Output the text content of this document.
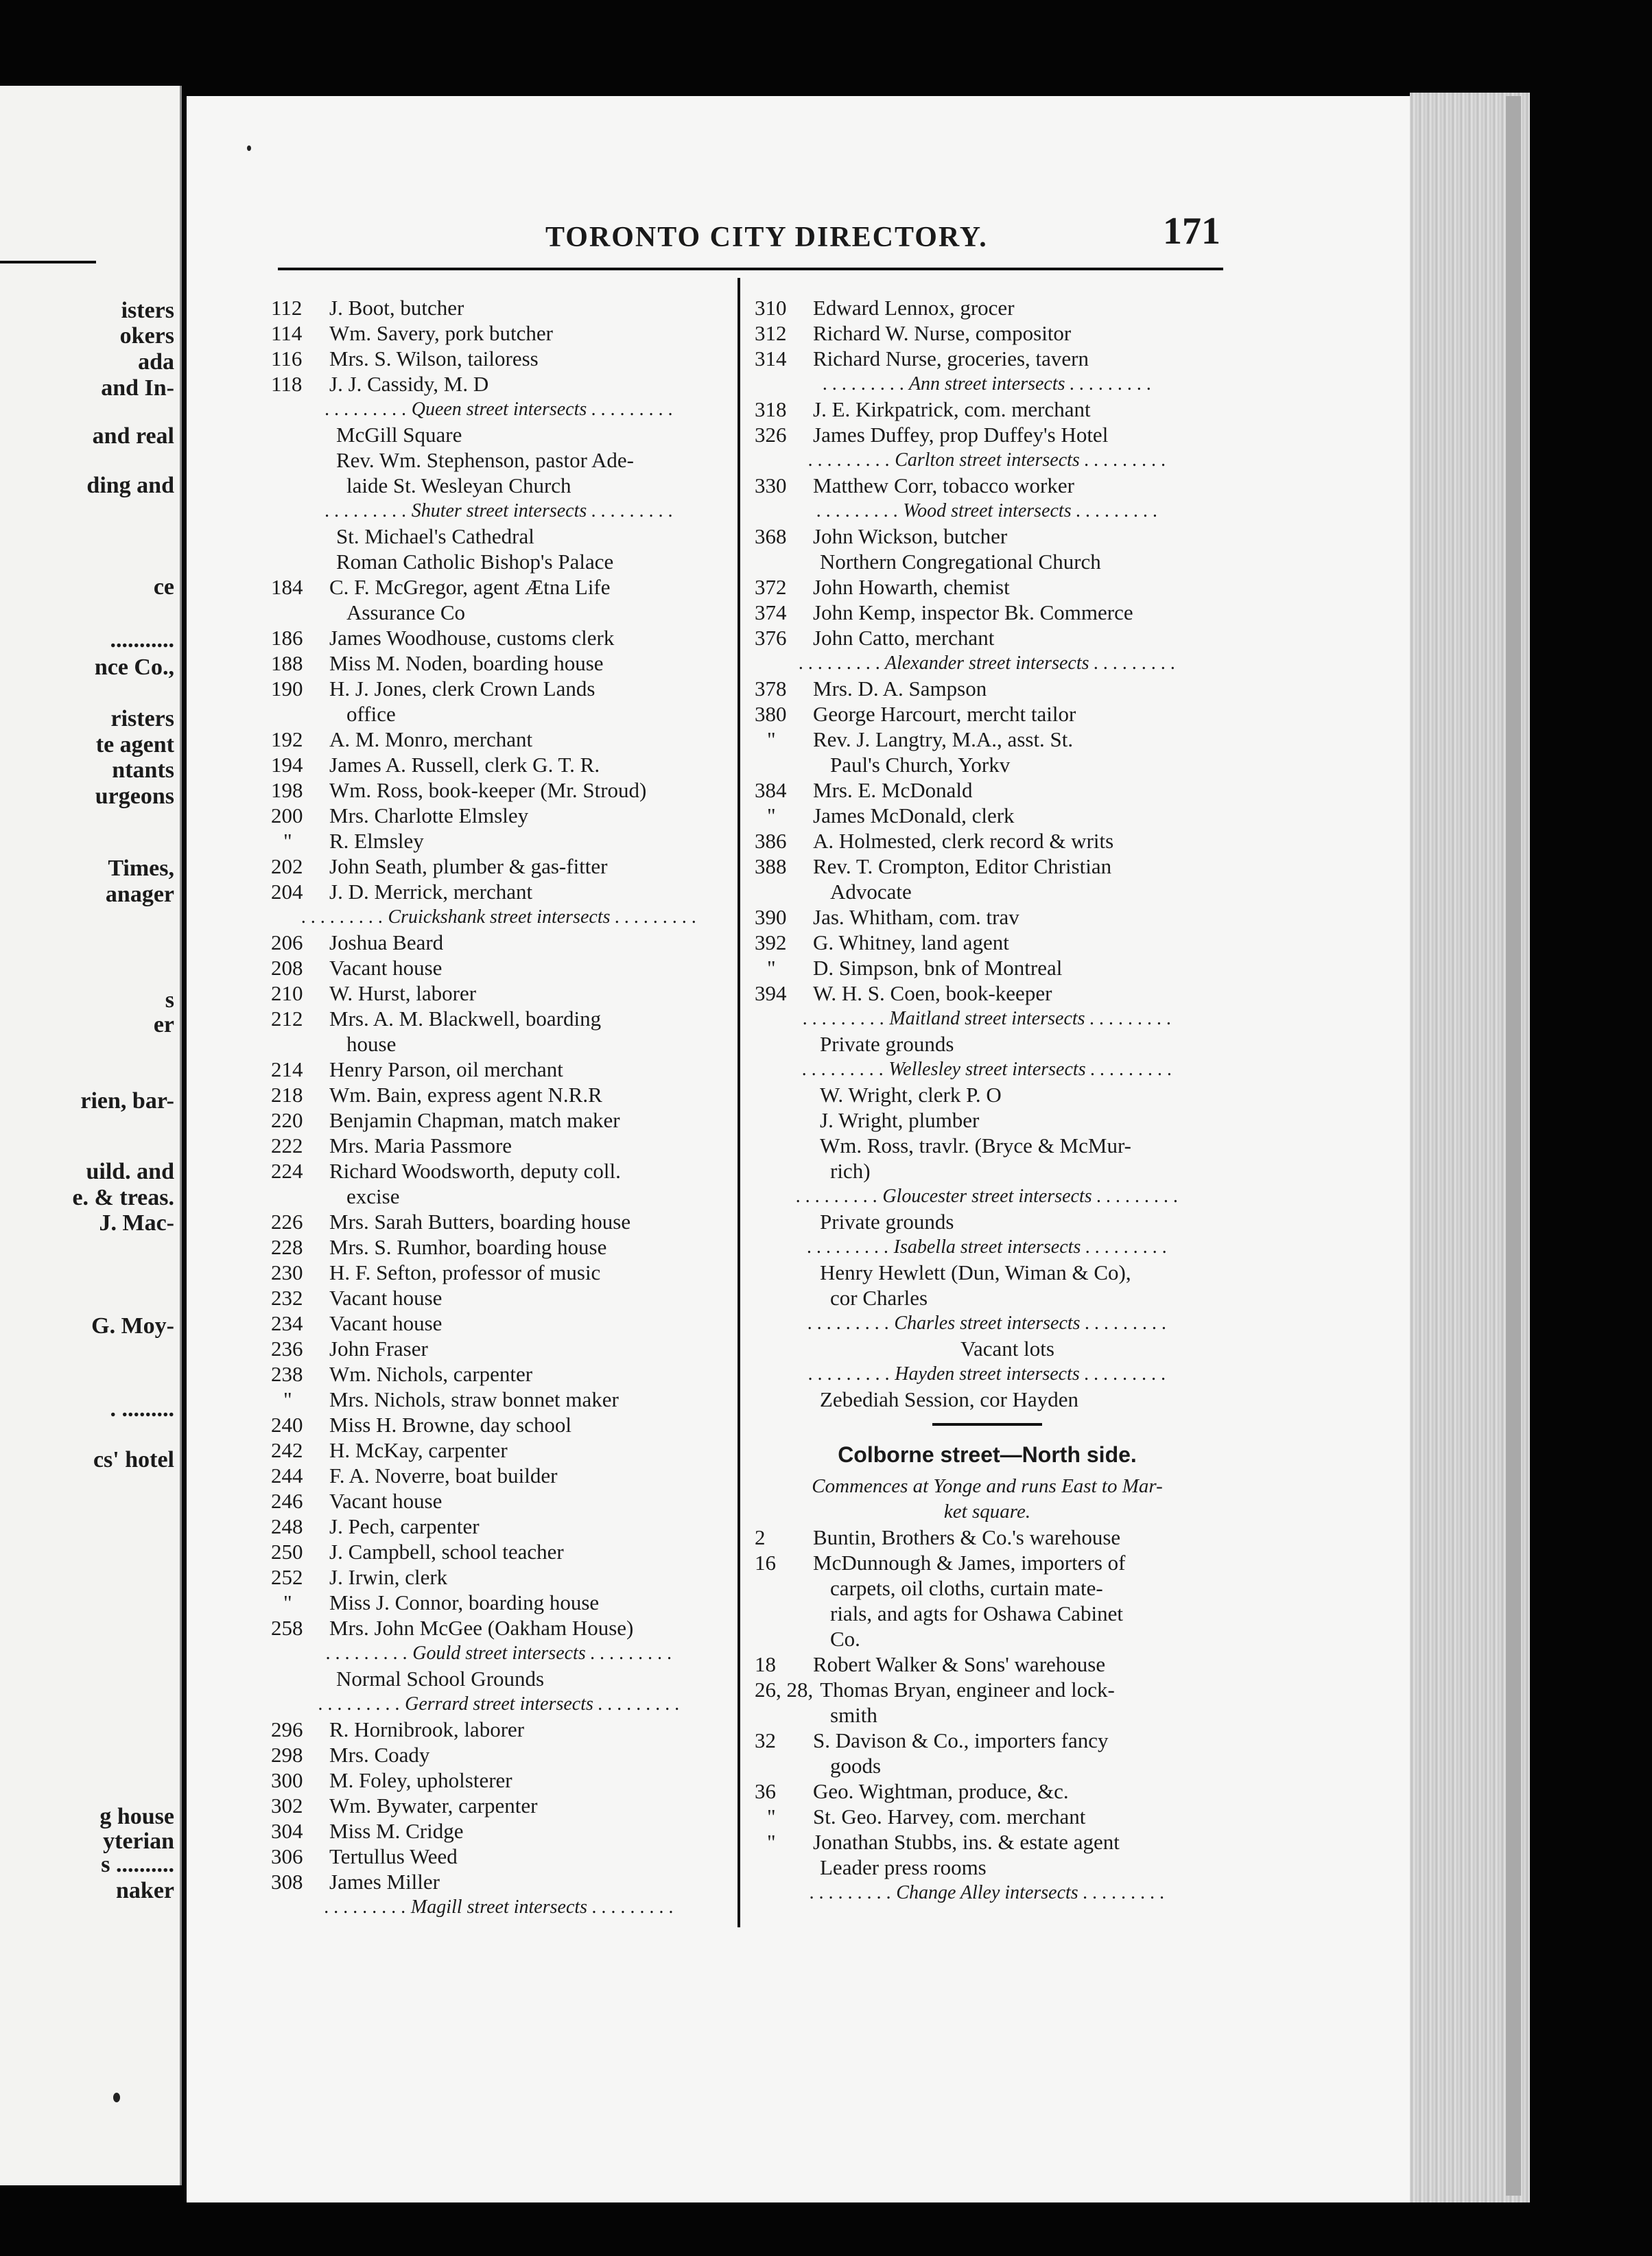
isters
okers
ada
and In-
and real
ding and
ce
...........
nce Co.,
risters
te agent
ntants
urgeons
Times,
anager
s
er
rien, bar-
uild. and
e. & treas.
J. Mac-
G. Moy-
. .........
cs' hotel
g house
yterian
s ..........
naker
TORONTO CITY DIRECTORY.	171
112 J. Boot, butcher
114 Wm. Savery, pork butcher
116 Mrs. S. Wilson, tailoress
118 J. J. Cassidy, M. D
. . . . . . . . . Queen street intersects . . . . . . . . .
McGill Square
Rev. Wm. Stephenson, pastor Ade-
laide St. Wesleyan Church
. . . . . . . . . Shuter street intersects . . . . . . . . .
St. Michael's Cathedral
Roman Catholic Bishop's Palace
184 C. F. McGregor, agent Ætna Life
Assurance Co
186 James Woodhouse, customs clerk
188 Miss M. Noden, boarding house
190 H. J. Jones, clerk Crown Lands
office
192 A. M. Monro, merchant
194 James A. Russell, clerk G. T. R.
198 Wm. Ross, book-keeper (Mr. Stroud)
200 Mrs. Charlotte Elmsley
" R. Elmsley
202 John Seath, plumber & gas-fitter
204 J. D. Merrick, merchant
. . . . . . . . . Cruickshank street intersects . . . . . . . . .
206 Joshua Beard
208 Vacant house
210 W. Hurst, laborer
212 Mrs. A. M. Blackwell, boarding
house
214 Henry Parson, oil merchant
218 Wm. Bain, express agent N.R.R
220 Benjamin Chapman, match maker
222 Mrs. Maria Passmore
224 Richard Woodsworth, deputy coll.
excise
226 Mrs. Sarah Butters, boarding house
228 Mrs. S. Rumhor, boarding house
230 H. F. Sefton, professor of music
232 Vacant house
234 Vacant house
236 John Fraser
238 Wm. Nichols, carpenter
" Mrs. Nichols, straw bonnet maker
240 Miss H. Browne, day school
242 H. McKay, carpenter
244 F. A. Noverre, boat builder
246 Vacant house
248 J. Pech, carpenter
250 J. Campbell, school teacher
252 J. Irwin, clerk
" Miss J. Connor, boarding house
258 Mrs. John McGee (Oakham House)
. . . . . . . . . Gould street intersects . . . . . . . . .
Normal School Grounds
. . . . . . . . . Gerrard street intersects . . . . . . . . .
296 R. Hornibrook, laborer
298 Mrs. Coady
300 M. Foley, upholsterer
302 Wm. Bywater, carpenter
304 Miss M. Cridge
306 Tertullus Weed
308 James Miller
. . . . . . . . . Magill street intersects . . . . . . . . .
310 Edward Lennox, grocer
312 Richard W. Nurse, compositor
314 Richard Nurse, groceries, tavern
. . . . . . . . . Ann street intersects . . . . . . . . .
318 J. E. Kirkpatrick, com. merchant
326 James Duffey, prop Duffey's Hotel
. . . . . . . . . Carlton street intersects . . . . . . . . .
330 Matthew Corr, tobacco worker
. . . . . . . . . Wood street intersects . . . . . . . . .
368 John Wickson, butcher
Northern Congregational Church
372 John Howarth, chemist
374 John Kemp, inspector Bk. Commerce
376 John Catto, merchant
. . . . . . . . . Alexander street intersects . . . . . . . . .
378 Mrs. D. A. Sampson
380 George Harcourt, mercht tailor
" Rev. J. Langtry, M.A., asst. St.
Paul's Church, Yorkv
384 Mrs. E. McDonald
" James McDonald, clerk
386 A. Holmested, clerk record & writs
388 Rev. T. Crompton, Editor Christian
Advocate
390 Jas. Whitham, com. trav
392 G. Whitney, land agent
" D. Simpson, bnk of Montreal
394 W. H. S. Coen, book-keeper
. . . . . . . . . Maitland street intersects . . . . . . . . .
Private grounds
. . . . . . . . . Wellesley street intersects . . . . . . . . .
W. Wright, clerk P. O
J. Wright, plumber
Wm. Ross, travlr. (Bryce & McMur-
rich)
. . . . . . . . . Gloucester street intersects . . . . . . . . .
Private grounds
. . . . . . . . . Isabella street intersects . . . . . . . . .
Henry Hewlett (Dun, Wiman & Co),
cor Charles
. . . . . . . . . Charles street intersects . . . . . . . . .
Vacant lots
. . . . . . . . . Hayden street intersects . . . . . . . . .
Zebediah Session, cor Hayden
Colborne street—North side.
Commences at Yonge and runs East to Mar-
ket square.
2 Buntin, Brothers & Co.'s warehouse
16 McDunnough & James, importers of
carpets, oil cloths, curtain mate-
rials, and agts for Oshawa Cabinet
Co.
18 Robert Walker & Sons' warehouse
26, 28, Thomas Bryan, engineer and lock-
smith
32 S. Davison & Co., importers fancy
goods
36 Geo. Wightman, produce, &c.
" St. Geo. Harvey, com. merchant
" Jonathan Stubbs, ins. & estate agent
Leader press rooms
. . . . . . . . . Change Alley intersects . . . . . . . . .
